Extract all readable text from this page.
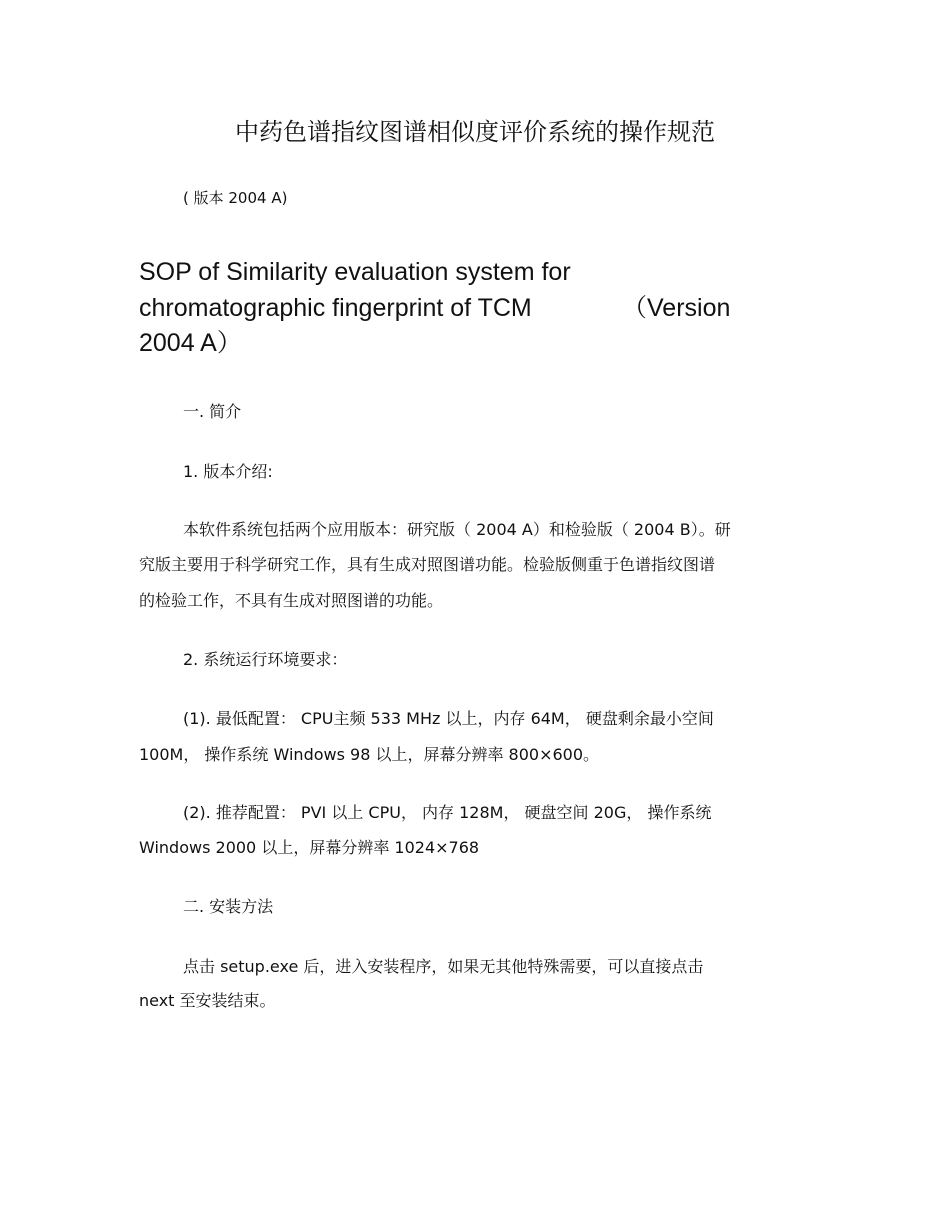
中药色谱指纹图谱相似度评价系统的操作规范
( 版本 2004 A)
SOP of Similarity evaluation system for
chromatographic fingerprint of TCM	（Version
2004 A）
一. 简介
1. 版本介绍:
本软件系统包括两个应用版本：研究版（ 2004 A）和检验版（ 2004 B）。研
究版主要用于科学研究工作，具有生成对照图谱功能。检验版侧重于色谱指纹图谱
的检验工作，不具有生成对照图谱的功能。
2. 系统运行环境要求：
(1). 最低配置： CPU主频 533 MHz 以上，内存 64M， 硬盘剩余最小空间
100M， 操作系统 Windows 98 以上，屏幕分辨率 800×600。
(2). 推荐配置： PVI 以上 CPU， 内存 128M， 硬盘空间 20G， 操作系统
Windows 2000 以上，屏幕分辨率 1024×768
二. 安装方法
点击 setup.exe 后，进入安装程序，如果无其他特殊需要，可以直接点击
next 至安装结束。
